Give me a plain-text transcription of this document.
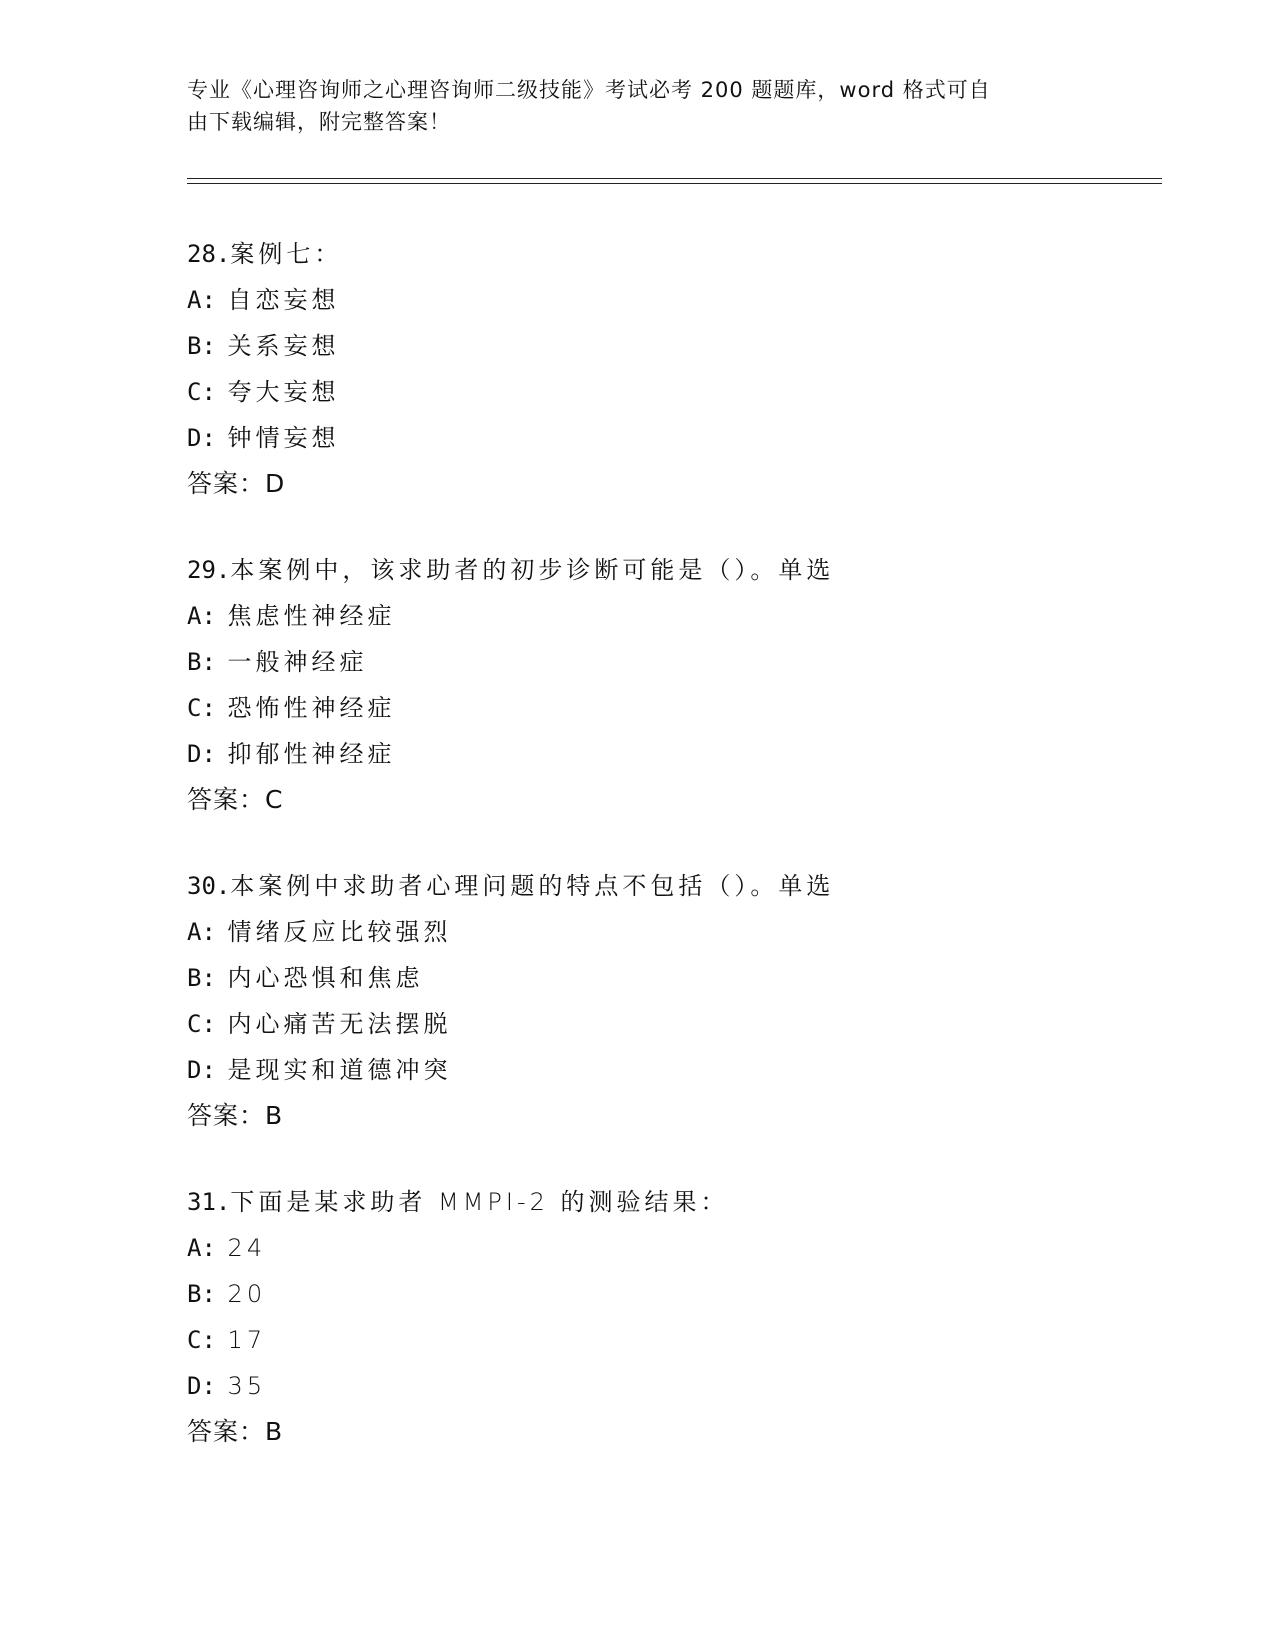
专业《心理咨询师之心理咨询师二级技能》考试必考 200 题题库，word 格式可自
由下载编辑，附完整答案！
28.案例七：
A: 自恋妄想
B: 关系妄想
C: 夸大妄想
D: 钟情妄想
答案：D
29.本案例中，该求助者的初步诊断可能是（）。单选
A: 焦虑性神经症
B: 一般神经症
C: 恐怖性神经症
D: 抑郁性神经症
答案：C
30.本案例中求助者心理问题的特点不包括（）。单选
A: 情绪反应比较强烈
B: 内心恐惧和焦虑
C: 内心痛苦无法摆脱
D: 是现实和道德冲突
答案：B
31.下面是某求助者 MMPI-2 的测验结果：
A: 24
B: 20
C: 17
D: 35
答案：B
